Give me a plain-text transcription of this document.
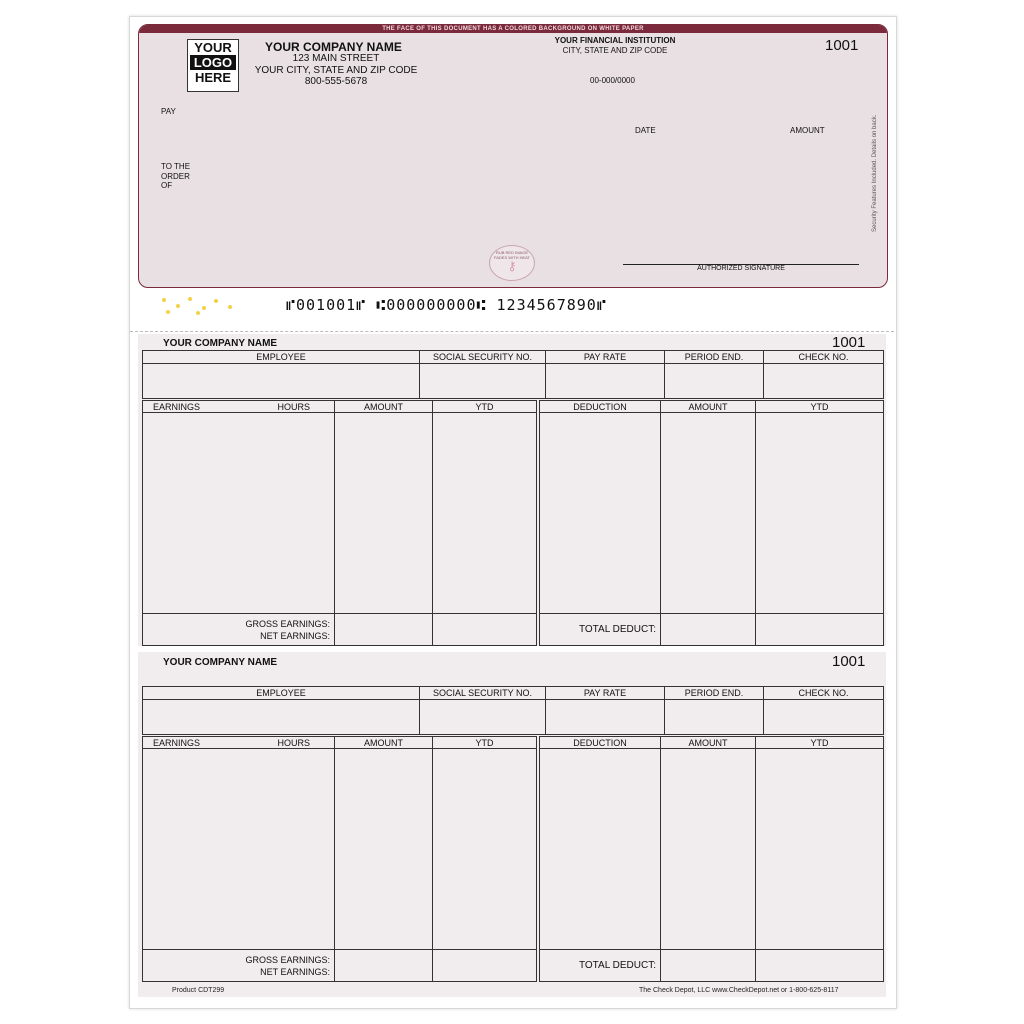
THE FACE OF THIS DOCUMENT HAS A COLORED BACKGROUND ON WHITE PAPER
YOUR
LOGO
HERE
YOUR COMPANY NAME
123 MAIN STREET
YOUR CITY, STATE AND ZIP CODE
800-555-5678
YOUR FINANCIAL INSTITUTION
CITY, STATE AND ZIP CODE
00-000/0000
1001
PAY
DATE	AMOUNT
TO THE
ORDER
OF
RUB RED IMAGE FADES WITH HEAT
⚷	AUTHORIZED SIGNATURE
Security Features Included. Details on back.
⑈001001⑈ ⑆000000000⑆ 1234567890⑈
YOUR COMPANY NAME	1001
EMPLOYEE	SOCIAL SECURITY NO.	PAY RATE	PERIOD END.	CHECK NO.

EARNINGS	HOURS	AMOUNT	YTD

GROSS EARNINGS:
NET EARNINGS:			

DEDUCTION	AMOUNT	YTD

TOTAL DEDUCT:		
YOUR COMPANY NAME	1001
EMPLOYEE	SOCIAL SECURITY NO.	PAY RATE	PERIOD END.	CHECK NO.

EARNINGS	HOURS	AMOUNT	YTD

GROSS EARNINGS:
NET EARNINGS:			

DEDUCTION	AMOUNT	YTD

TOTAL DEDUCT:		
Product CDT299	The Check Depot, LLC www.CheckDepot.net or 1-800-625-8117
